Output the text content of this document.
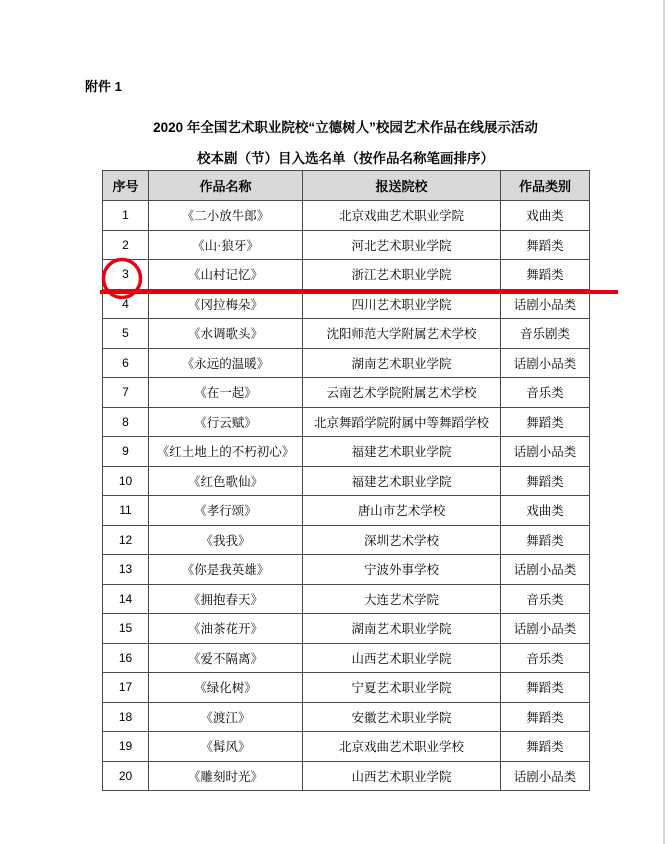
附件 1
2020 年全国艺术职业院校“立德树人”校园艺术作品在线展示活动
校本剧（节）目入选名单（按作品名称笔画排序）
序号	作品名称	报送院校	作品类别
1	《二小放牛郎》	北京戏曲艺术职业学院	戏曲类
2	《山·狼牙》	河北艺术职业学院	舞蹈类
3	《山村记忆》	浙江艺术职业学院	舞蹈类
4	《冈拉梅朵》	四川艺术职业学院	话剧小品类
5	《水调歌头》	沈阳师范大学附属艺术学校	音乐剧类
6	《永远的温暖》	湖南艺术职业学院	话剧小品类
7	《在一起》	云南艺术学院附属艺术学校	音乐类
8	《行云赋》	北京舞蹈学院附属中等舞蹈学校	舞蹈类
9	《红土地上的不朽初心》	福建艺术职业学院	话剧小品类
10	《红色歌仙》	福建艺术职业学院	舞蹈类
11	《孝行颂》	唐山市艺术学校	戏曲类
12	《我我》	深圳艺术学校	舞蹈类
13	《你是我英雄》	宁波外事学校	话剧小品类
14	《拥抱春天》	大连艺术学院	音乐类
15	《油茶花开》	湖南艺术职业学院	话剧小品类
16	《爱不隔离》	山西艺术职业学院	音乐类
17	《绿化树》	宁夏艺术职业学院	舞蹈类
18	《渡江》	安徽艺术职业学院	舞蹈类
19	《髯风》	北京戏曲艺术职业学校	舞蹈类
20	《雕刻时光》	山西艺术职业学院	话剧小品类
